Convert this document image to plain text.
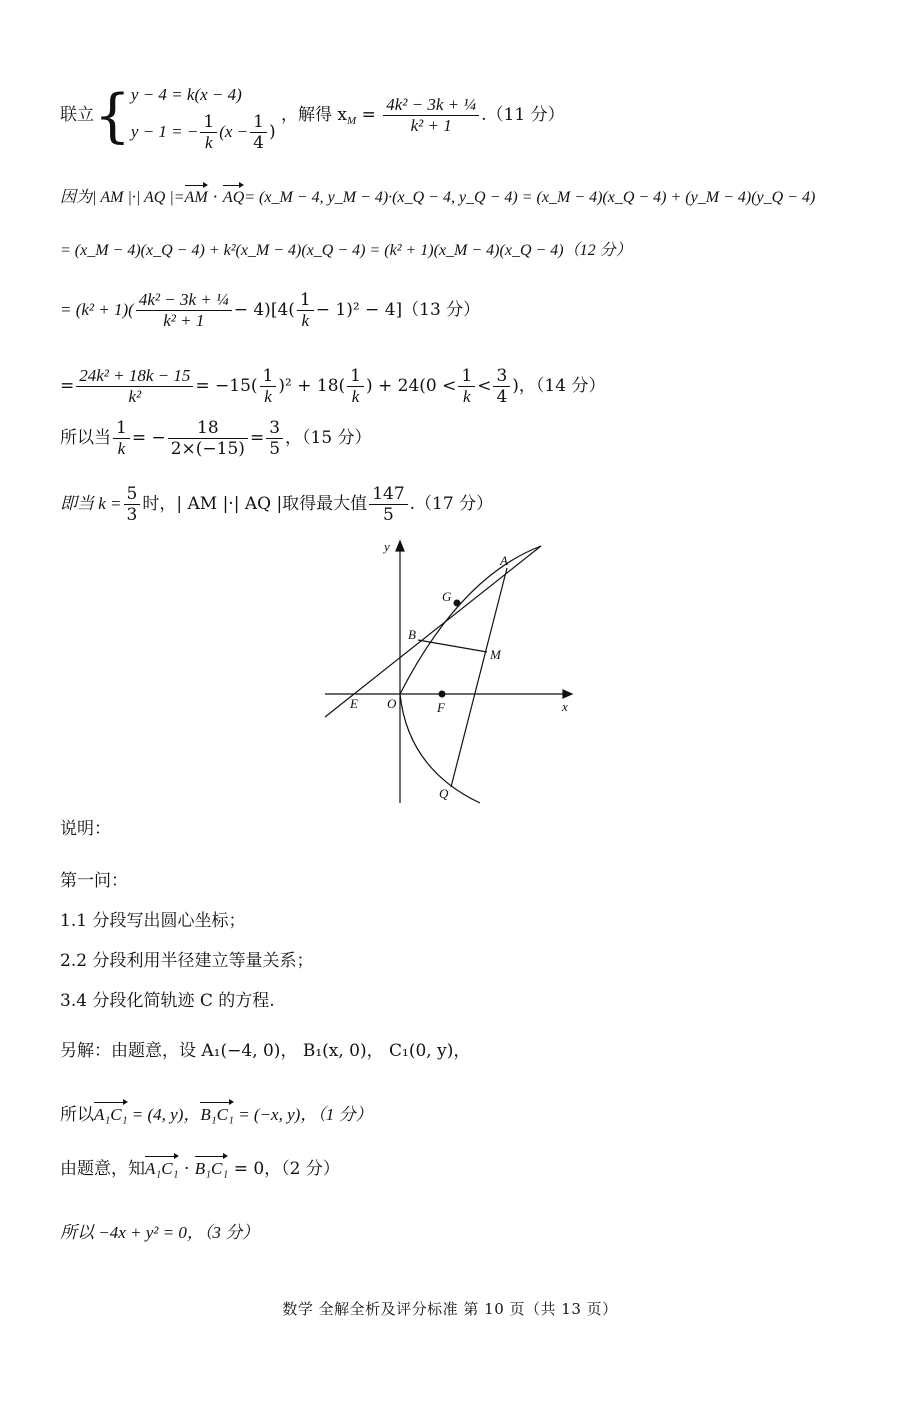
联立{ y − 4 = k(x − 4)
y − 1 = − $\frac{1}{k} (x - \frac{1}{4}$ )
，解得 $x_M = \frac{\text{4k² − 3k + ¼}}{\text{k² + 1}} .(11$ 分）
因为| AM |·| AQ |=AM · AQ= (x_M − 4, y_M − 4)·(x_Q − 4, y_Q − 4) = (x_M − 4)(x_Q − 4) + (y_M − 4)(y_Q − 4)
= (x_M − 4)(x_Q − 4) + k²(x_M − 4)(x_Q − 4) = (k² + 1)(x_M − 4)(x_Q − 4)（12 分）
= $(k^2 + 1)( \frac{\text{4k² − 3k + ¼}}{\text{k² + 1}} - 4)[4( \frac{1}{k} - 1)^2 - 4](13$ 分）
= $\frac{\text{24k² + 18k − 15}}{\text{k²}} = -15( \frac{1}{k} )^2 + 18( \frac{1}{k}$ ) + $24(0 < \frac{1}{k} < \frac{3}{4}$ )，（14 分）
所以当 $\frac{1}{k}$ = − $\frac{18}{2\times(-15)} = \frac{3}{5}$ ，（15 分）
即当 $k = \frac{5}{3}$ 时，| AM |·| AQ |取得最大值 $\frac{147}{5} .(17$ 分）
y
x
A
G
B
M
E O	F
Q
说明：
第一问：
1.1 分段写出圆心坐标；
2.2 分段利用半径建立等量关系；
3.4 分段化简轨迹 C 的方程.
另解：由题意，设 A₁(−4, 0)， B₁(x, 0)， C₁(0, y)，
所以A₁C₁ = (4, y)，B₁C₁ = (−x, y)，（1 分）
由题意，知A₁C₁ · B₁C₁ = 0，（2 分）
所以 −4x + y² = 0，（3 分）
数学 全解全析及评分标准 第 10 页（共 13 页）
